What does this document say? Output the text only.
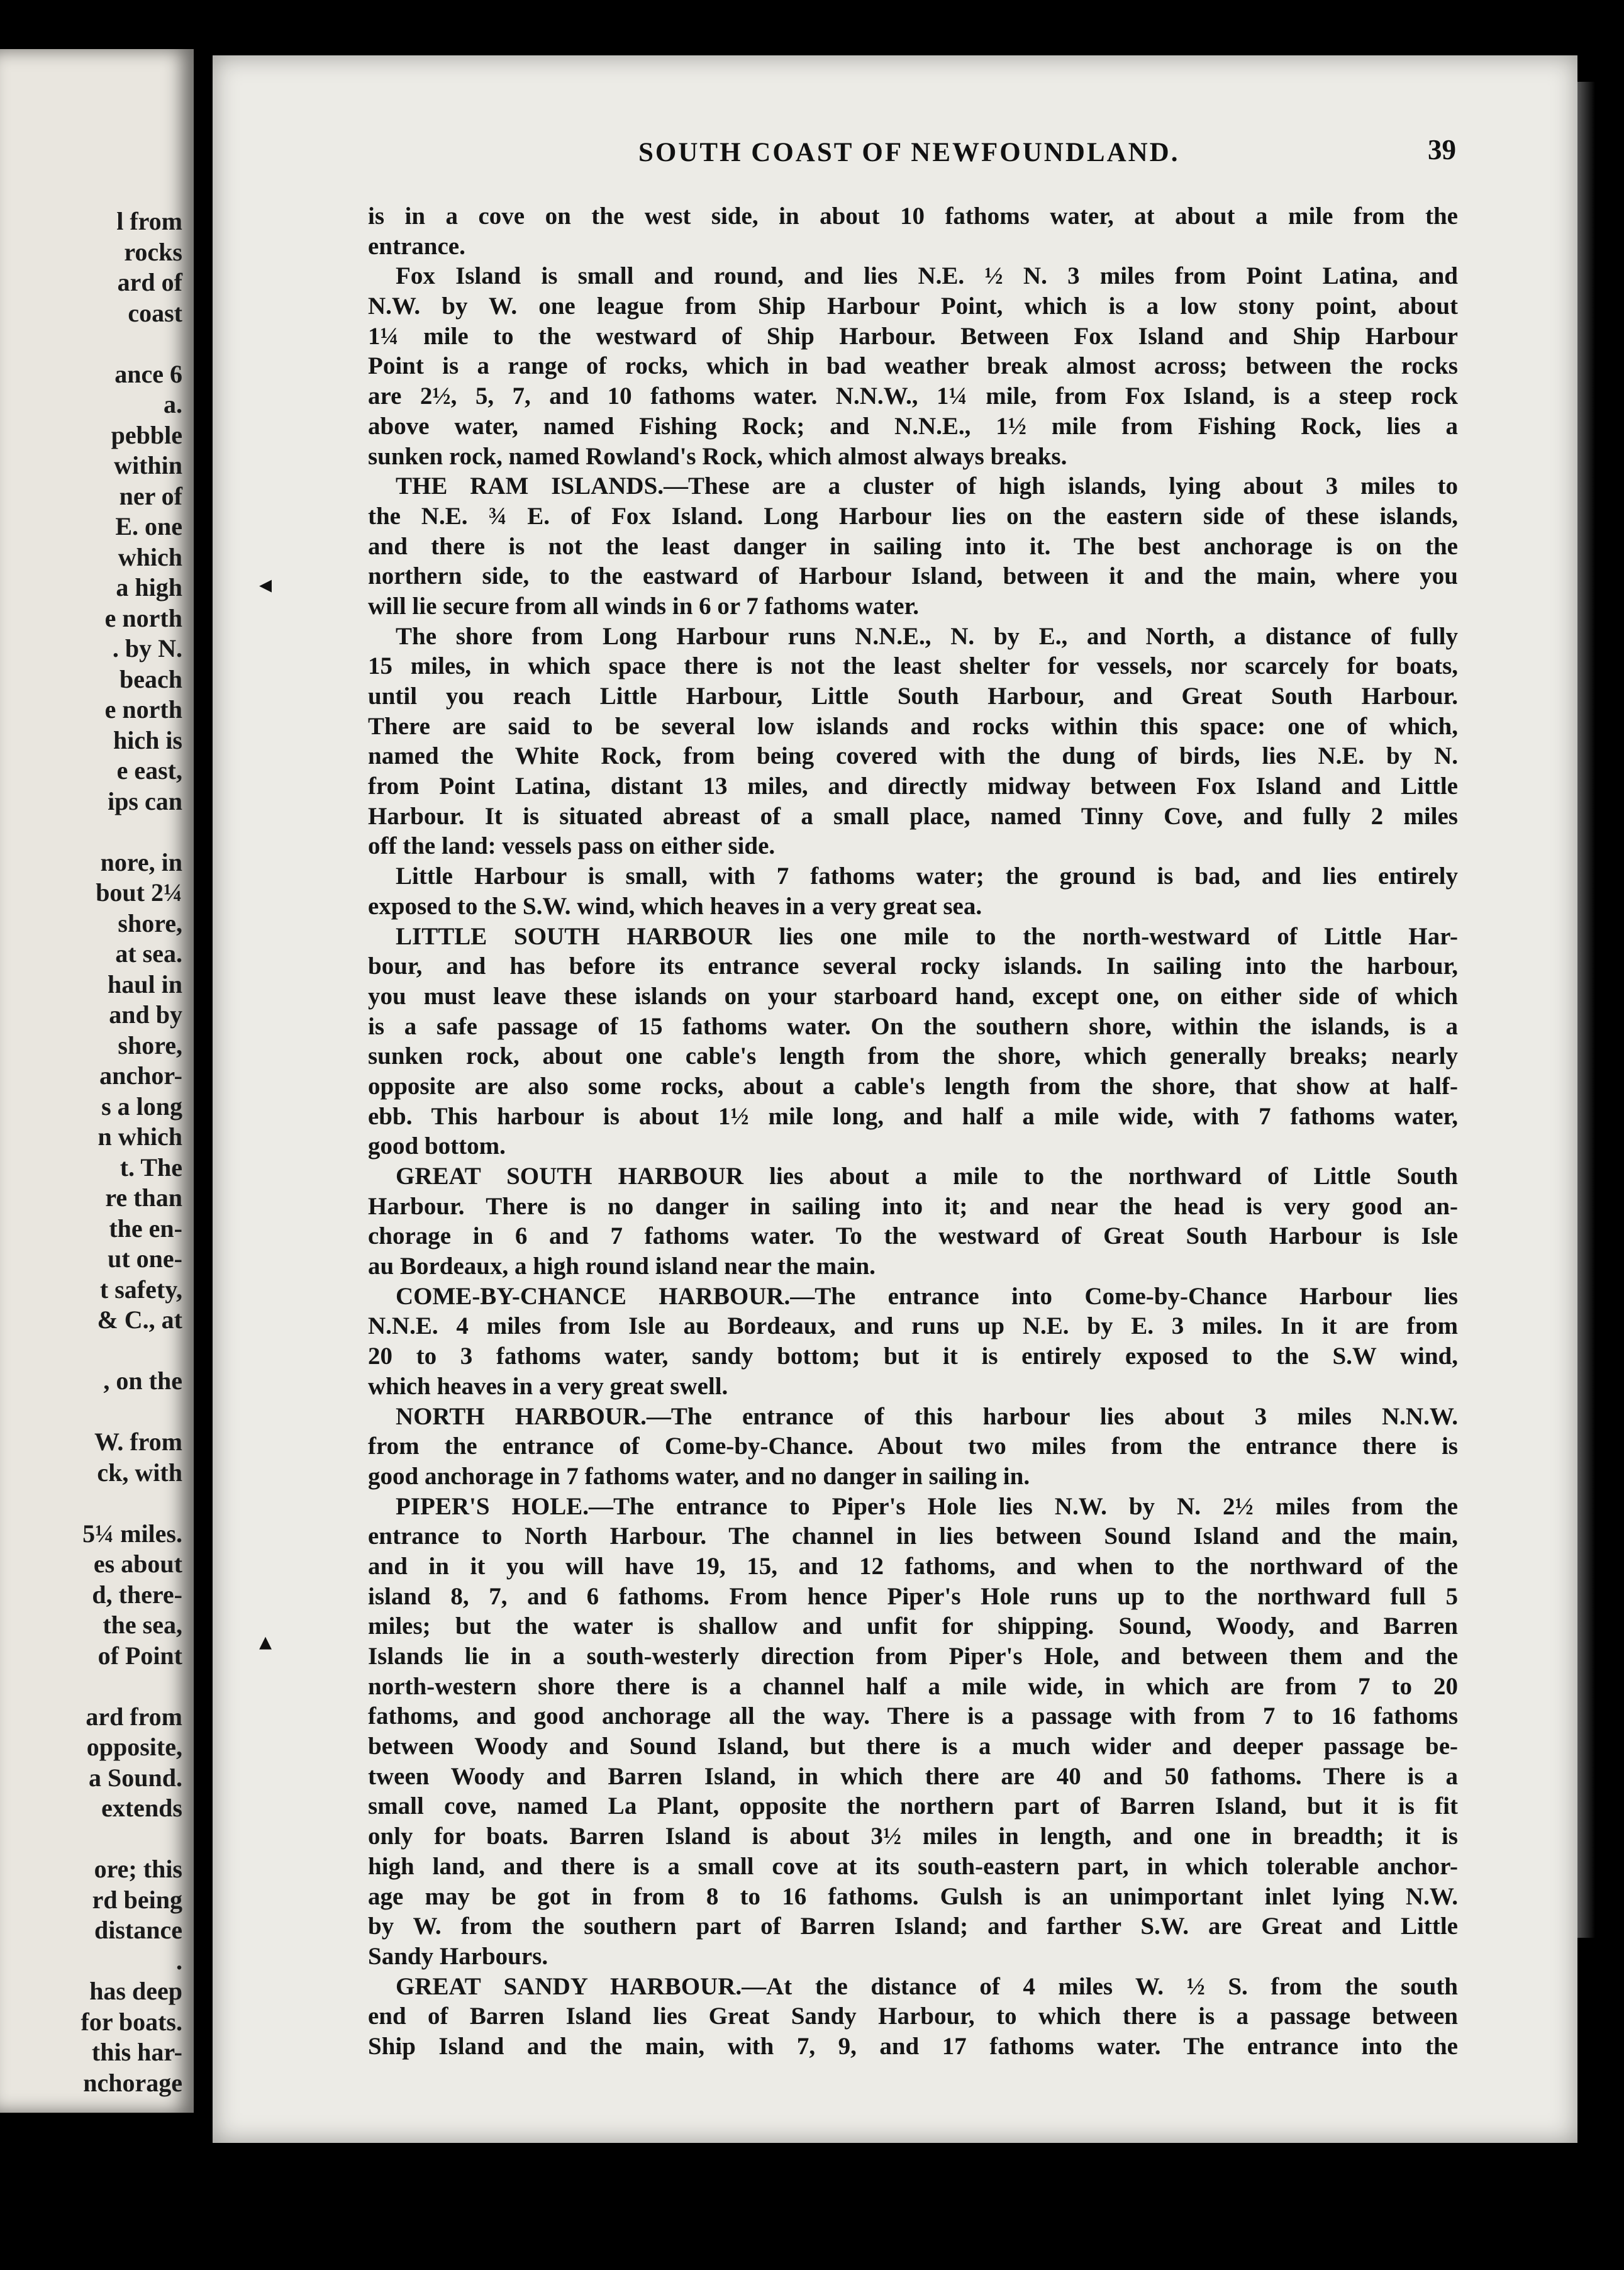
l from
rocks
ard of
coast

ance 6
a.
pebble
within
ner of
E. one
which
a high
e north
. by N.
beach
e north
hich is
e east,
ips can

nore, in
bout 2¼
shore,
at sea.
haul in
and by
shore,
anchor-
s a long
n which
t. The
re than
the en-
ut one-
t safety,
& C., at

, on the

W. from
ck, with

5¼ miles.
es about
d, there-
the sea,
of Point

ard from
opposite,
a Sound.
extends

ore; this
rd being
distance
.
has deep
for boats.
this har-
nchorage
SOUTH COAST OF NEWFOUNDLAND.	39
is in a cove on the west side, in about 10 fathoms water, at about a mile from the
entrance.
Fox Island is small and round, and lies N.E. ½ N. 3 miles from Point Latina, and
N.W. by W. one league from Ship Harbour Point, which is a low stony point, about
1¼ mile to the westward of Ship Harbour. Between Fox Island and Ship Harbour
Point is a range of rocks, which in bad weather break almost across; between the rocks
are 2½, 5, 7, and 10 fathoms water. N.N.W., 1¼ mile, from Fox Island, is a steep rock
above water, named Fishing Rock; and N.N.E., 1½ mile from Fishing Rock, lies a
sunken rock, named Rowland's Rock, which almost always breaks.
THE RAM ISLANDS.—These are a cluster of high islands, lying about 3 miles to
the N.E. ¾ E. of Fox Island. Long Harbour lies on the eastern side of these islands,
and there is not the least danger in sailing into it. The best anchorage is on the
northern side, to the eastward of Harbour Island, between it and the main, where you
will lie secure from all winds in 6 or 7 fathoms water.
The shore from Long Harbour runs N.N.E., N. by E., and North, a distance of fully
15 miles, in which space there is not the least shelter for vessels, nor scarcely for boats,
until you reach Little Harbour, Little South Harbour, and Great South Harbour.
There are said to be several low islands and rocks within this space: one of which,
named the White Rock, from being covered with the dung of birds, lies N.E. by N.
from Point Latina, distant 13 miles, and directly midway between Fox Island and Little
Harbour. It is situated abreast of a small place, named Tinny Cove, and fully 2 miles
off the land: vessels pass on either side.
Little Harbour is small, with 7 fathoms water; the ground is bad, and lies entirely
exposed to the S.W. wind, which heaves in a very great sea.
LITTLE SOUTH HARBOUR lies one mile to the north-westward of Little Har-
bour, and has before its entrance several rocky islands. In sailing into the harbour,
you must leave these islands on your starboard hand, except one, on either side of which
is a safe passage of 15 fathoms water. On the southern shore, within the islands, is a
sunken rock, about one cable's length from the shore, which generally breaks; nearly
opposite are also some rocks, about a cable's length from the shore, that show at half-
ebb. This harbour is about 1½ mile long, and half a mile wide, with 7 fathoms water,
good bottom.
GREAT SOUTH HARBOUR lies about a mile to the northward of Little South
Harbour. There is no danger in sailing into it; and near the head is very good an-
chorage in 6 and 7 fathoms water. To the westward of Great South Harbour is Isle
au Bordeaux, a high round island near the main.
COME-BY-CHANCE HARBOUR.—The entrance into Come-by-Chance Harbour lies
N.N.E. 4 miles from Isle au Bordeaux, and runs up N.E. by E. 3 miles. In it are from
20 to 3 fathoms water, sandy bottom; but it is entirely exposed to the S.W wind,
which heaves in a very great swell.
NORTH HARBOUR.—The entrance of this harbour lies about 3 miles N.N.W.
from the entrance of Come-by-Chance. About two miles from the entrance there is
good anchorage in 7 fathoms water, and no danger in sailing in.
PIPER'S HOLE.—The entrance to Piper's Hole lies N.W. by N. 2½ miles from the
entrance to North Harbour. The channel in lies between Sound Island and the main,
and in it you will have 19, 15, and 12 fathoms, and when to the northward of the
island 8, 7, and 6 fathoms. From hence Piper's Hole runs up to the northward full 5
miles; but the water is shallow and unfit for shipping. Sound, Woody, and Barren
Islands lie in a south-westerly direction from Piper's Hole, and between them and the
north-western shore there is a channel half a mile wide, in which are from 7 to 20
fathoms, and good anchorage all the way. There is a passage with from 7 to 16 fathoms
between Woody and Sound Island, but there is a much wider and deeper passage be-
tween Woody and Barren Island, in which there are 40 and 50 fathoms. There is a
small cove, named La Plant, opposite the northern part of Barren Island, but it is fit
only for boats. Barren Island is about 3½ miles in length, and one in breadth; it is
high land, and there is a small cove at its south-eastern part, in which tolerable anchor-
age may be got in from 8 to 16 fathoms. Gulsh is an unimportant inlet lying N.W.
by W. from the southern part of Barren Island; and farther S.W. are Great and Little
Sandy Harbours.
GREAT SANDY HARBOUR.—At the distance of 4 miles W. ½ S. from the south
end of Barren Island lies Great Sandy Harbour, to which there is a passage between
Ship Island and the main, with 7, 9, and 17 fathoms water. The entrance into the
◂
▴
